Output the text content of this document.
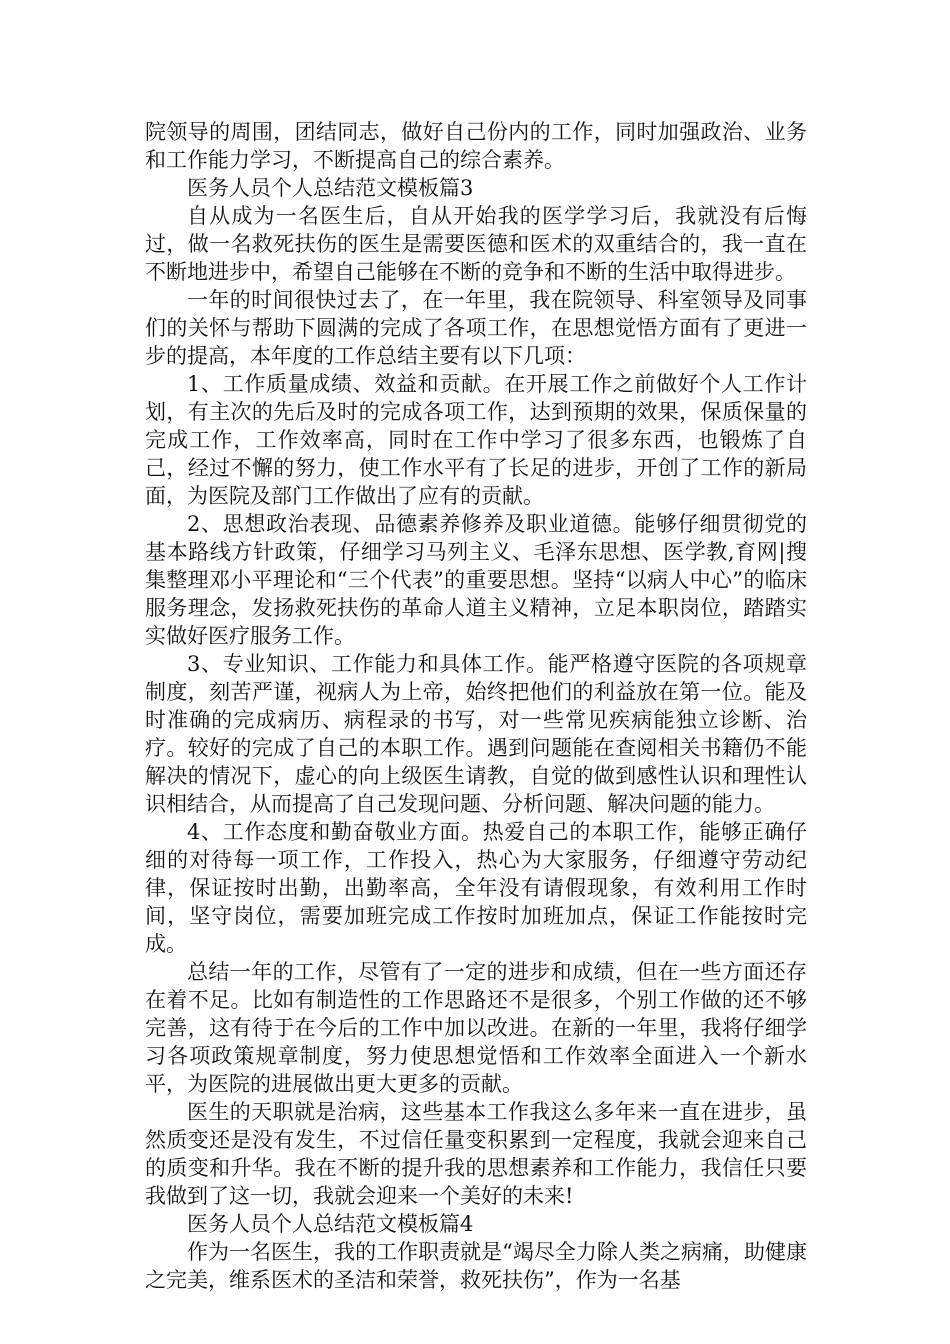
院领导的周围，团结同志，做好自己份内的工作，同时加强政治、业务和工作能力学习，不断提高自己的综合素养。

医务人员个人总结范文模板篇3

自从成为一名医生后，自从开始我的医学学习后，我就没有后悔过，做一名救死扶伤的医生是需要医德和医术的双重结合的，我一直在不断地进步中，希望自己能够在不断的竞争和不断的生活中取得进步。

一年的时间很快过去了，在一年里，我在院领导、科室领导及同事们的关怀与帮助下圆满的完成了各项工作，在思想觉悟方面有了更进一步的提高，本年度的工作总结主要有以下几项：

1、工作质量成绩、效益和贡献。在开展工作之前做好个人工作计划，有主次的先后及时的完成各项工作，达到预期的效果，保质保量的完成工作，工作效率高，同时在工作中学习了很多东西，也锻炼了自己，经过不懈的努力，使工作水平有了长足的进步，开创了工作的新局面，为医院及部门工作做出了应有的贡献。

2、思想政治表现、品德素养修养及职业道德。能够仔细贯彻党的基本路线方针政策，仔细学习马列主义、毛泽东思想、医学教,育网|搜集整理邓小平理论和“三个代表”的重要思想。坚持“以病人中心”的临床服务理念，发扬救死扶伤的革命人道主义精神，立足本职岗位，踏踏实实做好医疗服务工作。

3、专业知识、工作能力和具体工作。能严格遵守医院的各项规章制度，刻苦严谨，视病人为上帝，始终把他们的利益放在第一位。能及时准确的完成病历、病程录的书写，对一些常见疾病能独立诊断、治疗。较好的完成了自己的本职工作。遇到问题能在查阅相关书籍仍不能解决的情况下，虚心的向上级医生请教，自觉的做到感性认识和理性认识相结合，从而提高了自己发现问题、分析问题、解决问题的能力。

4、工作态度和勤奋敬业方面。热爱自己的本职工作，能够正确仔细的对待每一项工作，工作投入，热心为大家服务，仔细遵守劳动纪律，保证按时出勤，出勤率高，全年没有请假现象，有效利用工作时间，坚守岗位，需要加班完成工作按时加班加点，保证工作能按时完成。

总结一年的工作，尽管有了一定的进步和成绩，但在一些方面还存在着不足。比如有制造性的工作思路还不是很多，个别工作做的还不够完善，这有待于在今后的工作中加以改进。在新的一年里，我将仔细学习各项政策规章制度，努力使思想觉悟和工作效率全面进入一个新水平，为医院的进展做出更大更多的贡献。

医生的天职就是治病，这些基本工作我这么多年来一直在进步，虽然质变还是没有发生，不过信任量变积累到一定程度，我就会迎来自己的质变和升华。我在不断的提升我的思想素养和工作能力，我信任只要我做到了这一切，我就会迎来一个美好的未来!

医务人员个人总结范文模板篇4

作为一名医生，我的工作职责就是“竭尽全力除人类之病痛，助健康之完美，维系医术的圣洁和荣誉，救死扶伤”，作为一名基
